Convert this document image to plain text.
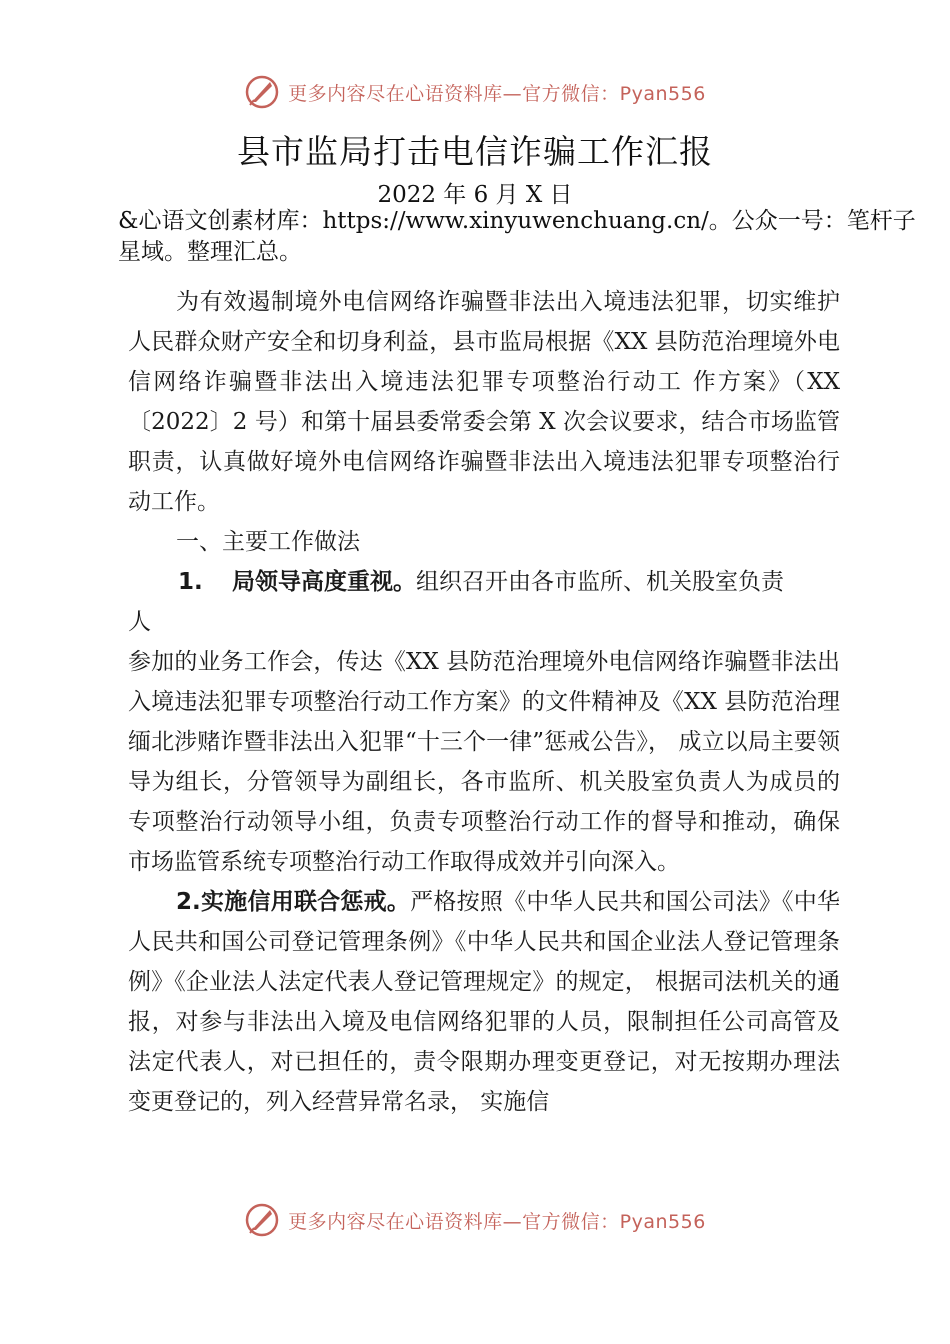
更多内容尽在心语资料库—官方微信：Pyan556
县市监局打击电信诈骗工作汇报
2022 年 6 月 X 日
&心语文创素材库：https://www.xinyuwenchuang.cn/。公众一号：笔杆子星域。整理汇总。

为有效遏制境外电信网络诈骗暨非法出入境违法犯罪，切实维护人民群众财产安全和切身利益，县市监局根据《XX 县防范治理境外电信网络诈骗暨非法出入境违法犯罪专项整治行动工 作方案》（XX〔2022〕2 号）和第十届县委常委会第 X 次会议要求，结合市场监管职责，认真做好境外电信网络诈骗暨非法出入境违法犯罪专项整治行动工作。

一、主要工作做法

1. 局领导高度重视。组织召开由各市监所、机关股室负责

人

参加的业务工作会，传达《XX 县防范治理境外电信网络诈骗暨非法出入境违法犯罪专项整治行动工作方案》的文件精神及《XX 县防范治理缅北涉赌诈暨非法出入犯罪“十三个一律”惩戒公告》， 成立以局主要领导为组长，分管领导为副组长，各市监所、机关股室负责人为成员的专项整治行动领导小组，负责专项整治行动工作的督导和推动，确保市场监管系统专项整治行动工作取得成效并引向深入。

2.实施信用联合惩戒。严格按照《中华人民共和国公司法》《中华人民共和国公司登记管理条例》《中华人民共和国企业法人登记管理条例》《企业法人法定代表人登记管理规定》的规定， 根据司法机关的通报，对参与非法出入境及电信网络犯罪的人员，限制担任公司高管及法定代表人，对已担任的，责令限期办理变更登记，对无按期办理法变更登记的，列入经营异常名录， 实施信

更多内容尽在心语资料库—官方微信：Pyan556
